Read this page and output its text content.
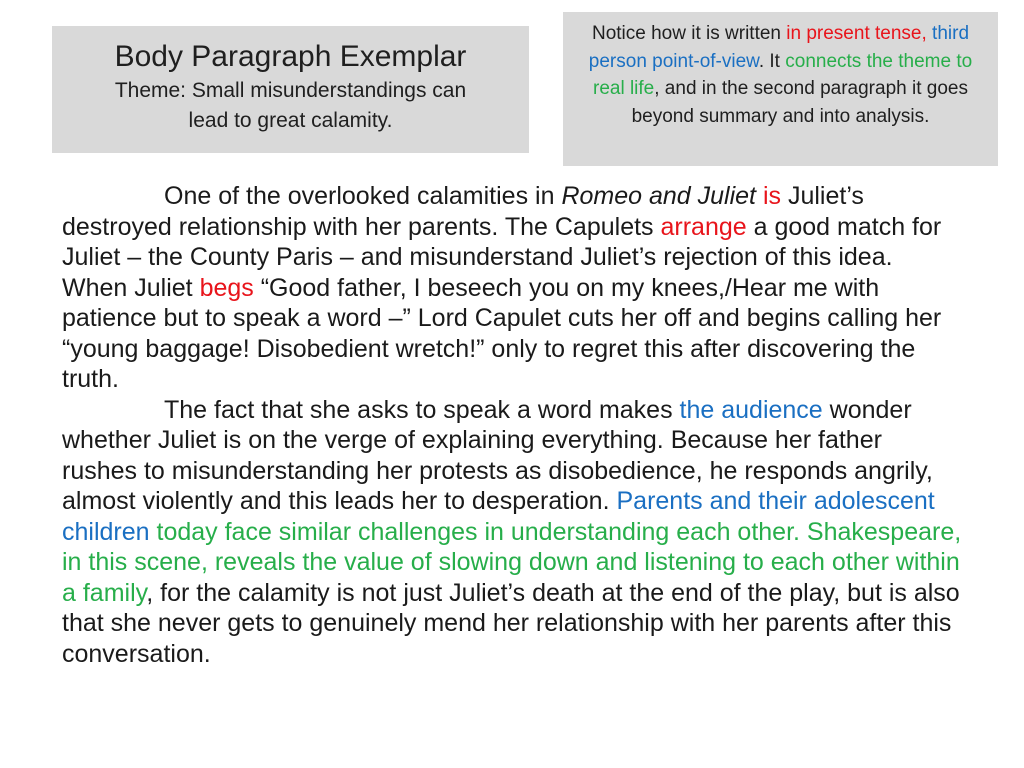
Body Paragraph Exemplar
Theme: Small misunderstandings can
lead to great calamity.
Notice how it is written in present tense, third person point-of-view. It connects the theme to real life, and in the second paragraph it goes beyond summary and into analysis.

One of the overlooked calamities in Romeo and Juliet is Juliet’s destroyed relationship with her parents. The Capulets arrange a good match for Juliet – the County Paris – and misunderstand Juliet’s rejection of this idea. When Juliet begs “Good father, I beseech you on my knees,/Hear me with patience but to speak a word –” Lord Capulet cuts her off and begins calling her “young baggage! Disobedient wretch!” only to regret this after discovering the truth.

The fact that she asks to speak a word makes the audience wonder whether Juliet is on the verge of explaining everything. Because her father rushes to misunderstanding her protests as disobedience, he responds angrily, almost violently and this leads her to desperation. Parents and their adolescent children today face similar challenges in understanding each other. Shakespeare, in this scene, reveals the value of slowing down and listening to each other within a family, for the calamity is not just Juliet’s death at the end of the play, but is also that she never gets to genuinely mend her relationship with her parents after this conversation.
